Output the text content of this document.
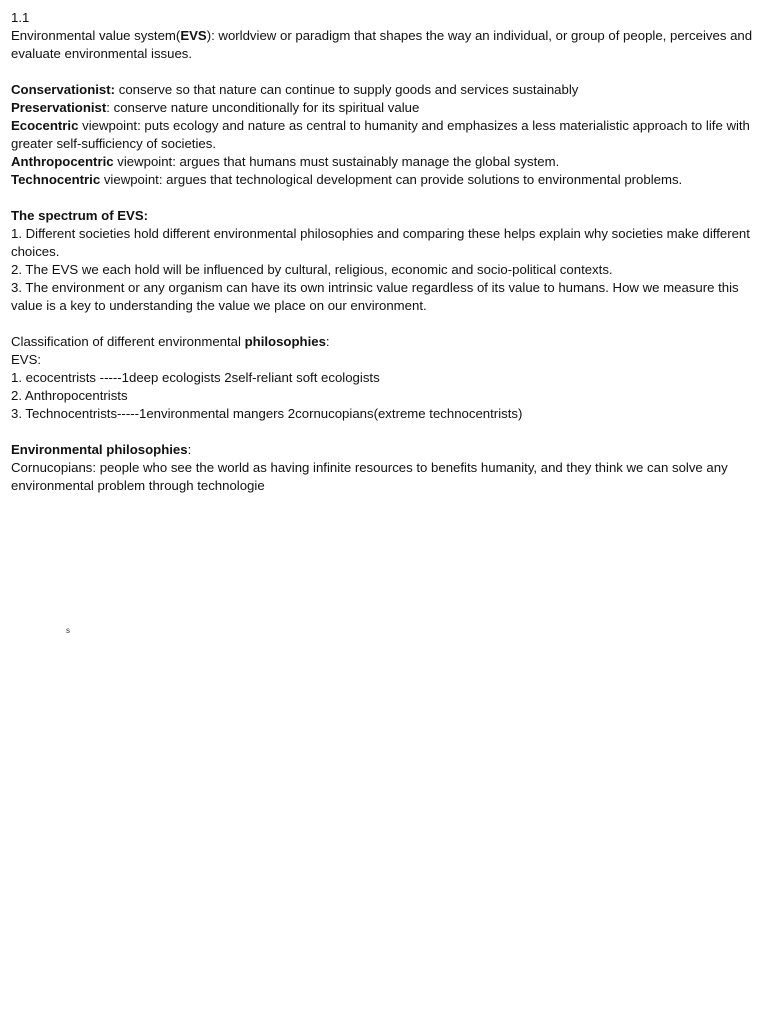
1.1

Environmental value system(EVS): worldview or paradigm that shapes the way an individual, or group of people, perceives and evaluate environmental issues.

Conservationist: conserve so that nature can continue to supply goods and services sustainably

Preservationist: conserve nature unconditionally for its spiritual value

Ecocentric viewpoint: puts ecology and nature as central to humanity and emphasizes a less materialistic approach to life with greater self-sufficiency of societies.

Anthropocentric viewpoint: argues that humans must sustainably manage the global system.

Technocentric viewpoint: argues that technological development can provide solutions to environmental problems.

The spectrum of EVS:

1. Different societies hold different environmental philosophies and comparing these helps explain why societies make different choices.

2. The EVS we each hold will be influenced by cultural, religious, economic and socio-political contexts.

3. The environment or any organism can have its own intrinsic value regardless of its value to humans. How we measure this value is a key to understanding the value we place on our environment.

Classification of different environmental philosophies:

EVS:

1. ecocentrists -----1deep ecologists 2self-reliant soft ecologists

2. Anthropocentrists

3. Technocentrists-----1environmental mangers 2cornucopians(extreme technocentrists)

Environmental philosophies:

Cornucopians: people who see the world as having infinite resources to benefits humanity, and they think we can solve any environmental problem through technologie

s
